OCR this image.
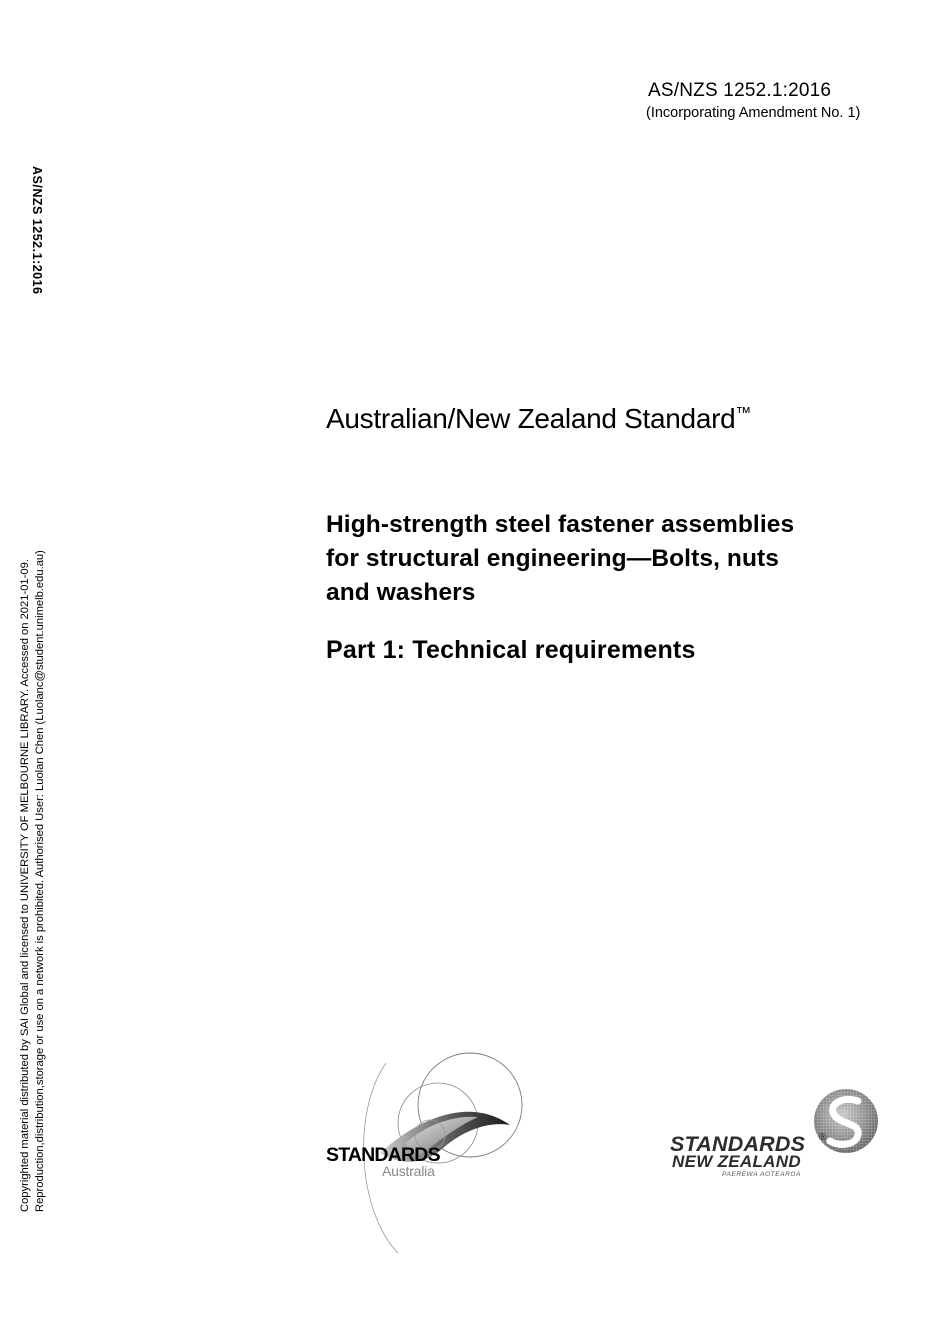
AS/NZS 1252.1:2016
(Incorporating Amendment No. 1)
AS/NZS 1252.1:2016
Copyrighted material distributed by SAI Global and licensed to UNIVERSITY OF MELBOURNE LIBRARY. Accessed on 2021-01-09. Reproduction,distribution,storage or use on a network is prohibited. Authorised User: Luolan Chen (Luolanc@student.unimelb.edu.au)
Australian/New Zealand Standard™
High-strength steel fastener assemblies
for structural engineering—Bolts, nuts
and washers
Part 1: Technical requirements
STANDARDS
Australia
STANDARDS ®
NEW ZEALAND
PAEREWA AOTEAROA
